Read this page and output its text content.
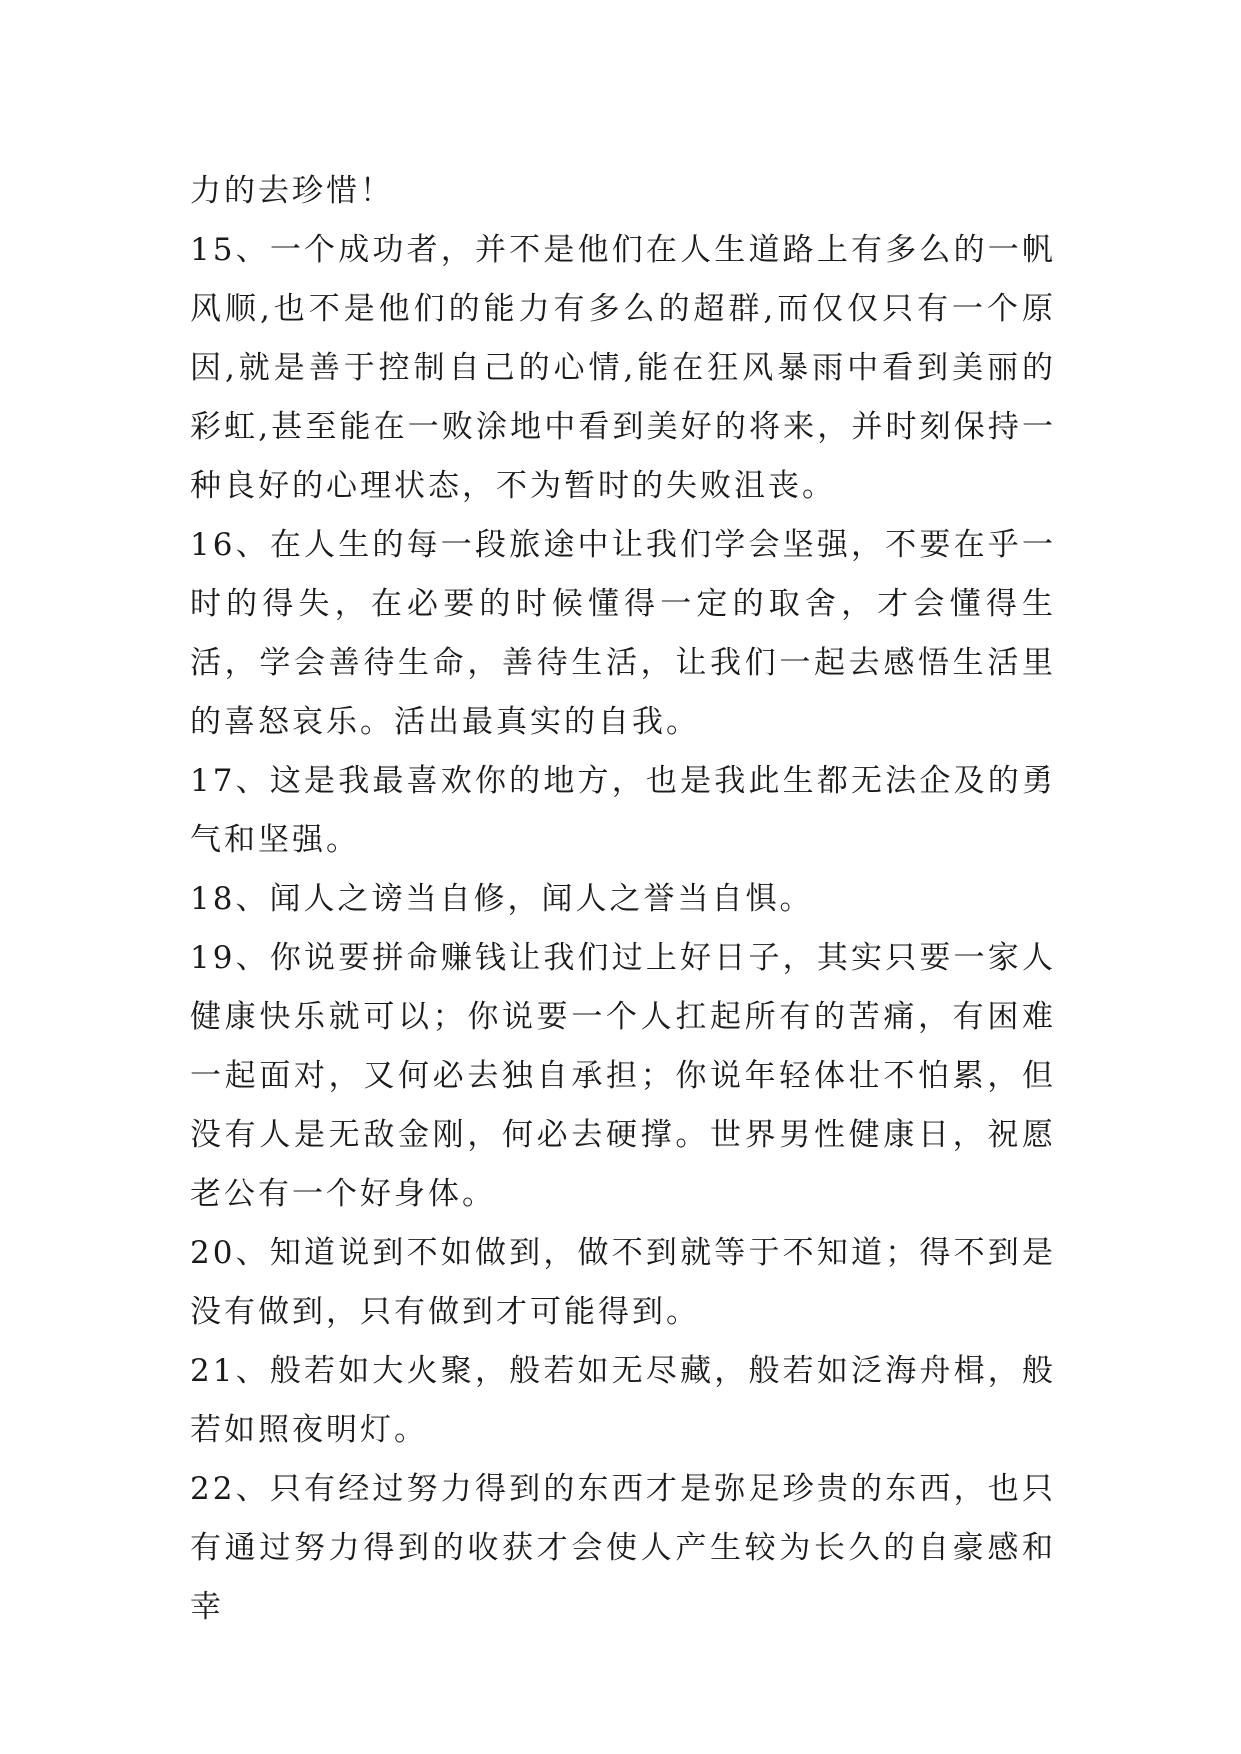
力的去珍惜！

15、一个成功者，并不是他们在人生道路上有多么的一帆风顺,也不是他们的能力有多么的超群,而仅仅只有一个原因,就是善于控制自己的心情,能在狂风暴雨中看到美丽的彩虹,甚至能在一败涂地中看到美好的将来，并时刻保持一种良好的心理状态，不为暂时的失败沮丧。

16、在人生的每一段旅途中让我们学会坚强，不要在乎一时的得失，在必要的时候懂得一定的取舍，才会懂得生活，学会善待生命，善待生活，让我们一起去感悟生活里的喜怒哀乐。活出最真实的自我。

17、这是我最喜欢你的地方，也是我此生都无法企及的勇气和坚强。

18、闻人之谤当自修，闻人之誉当自惧。

19、你说要拼命赚钱让我们过上好日子，其实只要一家人健康快乐就可以；你说要一个人扛起所有的苦痛，有困难一起面对，又何必去独自承担；你说年轻体壮不怕累，但没有人是无敌金刚，何必去硬撑。世界男性健康日，祝愿老公有一个好身体。

20、知道说到不如做到，做不到就等于不知道；得不到是没有做到，只有做到才可能得到。

21、般若如大火聚，般若如无尽藏，般若如泛海舟楫，般若如照夜明灯。

22、只有经过努力得到的东西才是弥足珍贵的东西，也只有通过努力得到的收获才会使人产生较为长久的自豪感和幸
